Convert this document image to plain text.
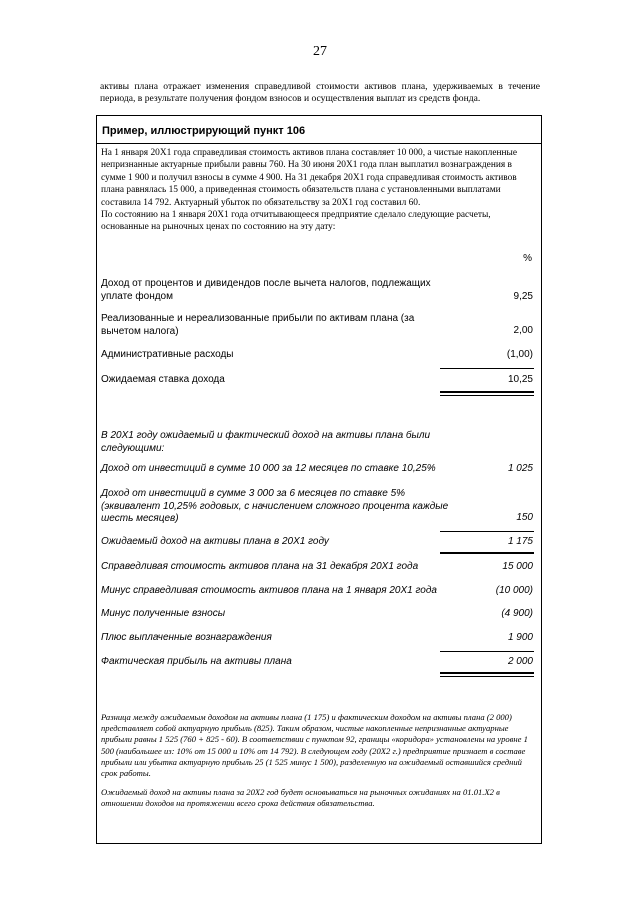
27
активы плана отражает изменения справедливой стоимости активов плана, удерживаемых в течение периода, в результате получения фондом взносов и осуществления выплат из средств фонда.
Пример, иллюстрирующий пункт 106
На 1 января 20Х1 года справедливая стоимость активов плана составляет 10 000, а чистые накопленные непризнанные актуарные прибыли равны 760. На 30 июня 20Х1 года план выплатил вознаграждения в сумме 1 900 и получил взносы в сумме 4 900. На 31 декабря 20Х1 года справедливая стоимость активов плана равнялась 15 000, а приведенная стоимость обязательств плана с установленными выплатами составила 14 792. Актуарный убыток по обязательству за 20Х1 год составил 60.
По состоянию на 1 января 20Х1 года отчитывающееся предприятие сделало следующие расчеты, основанные на рыночных ценах по состоянию на эту дату:
%
Доход от процентов и дивидендов после вычета налогов, подлежащих уплате фондом	9,25
Реализованные и нереализованные прибыли по активам плана (за вычетом налога)	2,00
Административные расходы	(1,00)
Ожидаемая ставка дохода	10,25
В 20Х1 году ожидаемый и фактический доход на активы плана были следующими:
Доход от инвестиций в сумме 10 000 за 12 месяцев по ставке 10,25%	1 025
Доход от инвестиций в сумме 3 000 за 6 месяцев по ставке 5% (эквивалент 10,25% годовых, с начислением сложного процента каждые шесть месяцев)	150
Ожидаемый доход на активы плана в 20Х1 году	1 175
Справедливая стоимость активов плана на 31 декабря 20Х1 года	15 000
Минус справедливая стоимость активов плана на 1 января 20Х1 года	(10 000)
Минус полученные взносы	(4 900)
Плюс выплаченные вознаграждения	1 900
Фактическая прибыль на активы плана	2 000
Разница между ожидаемым доходом на активы плана (1 175) и фактическим доходом на активы плана (2 000) представляет собой актуарную прибыль (825). Таким образом, чистые накопленные непризнанные актуарные прибыли равны 1 525 (760 + 825 - 60). В соответствии с пунктом 92, границы «коридора» установлены на уровне 1 500 (наибольшее из: 10% от 15 000 и 10% от 14 792). В следующем году (20Х2 г.) предприятие признает в составе прибыли или убытка актуарную прибыль 25 (1 525 минус 1 500), разделенную на ожидаемый оставшийся средний срок работы.
Ожидаемый доход на активы плана за 20Х2 год будет основываться на рыночных ожиданиях на 01.01.Х2 в отношении доходов на протяжении всего срока действия обязательства.
